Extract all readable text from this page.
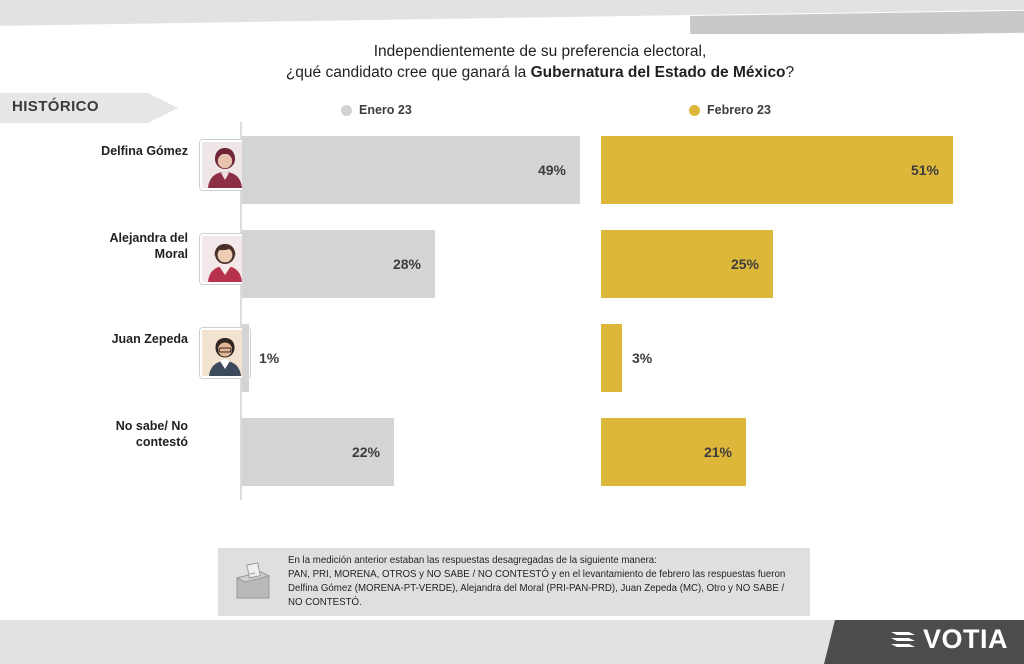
Independientemente de su preferencia electoral,
¿qué candidato cree que ganará la Gubernatura del Estado de México?
HISTÓRICO	Enero 23	Febrero 23
Delfina Gómez
49%	51%
Alejandra del
Moral
28%	25%
Juan Zepeda
1%	3%
No sabe/ No
contestó
22%	21%
En la medición anterior estaban las respuestas desagregadas de la siguiente manera:
PAN, PRI, MORENA, OTROS y NO SABE / NO CONTESTÓ y en el levantamiento de febrero las respuestas fueron
Delfina Gómez (MORENA-PT-VERDE), Alejandra del Moral (PRI-PAN-PRD), Juan Zepeda (MC), Otro y NO SABE /
NO CONTESTÓ.
VOTIA
